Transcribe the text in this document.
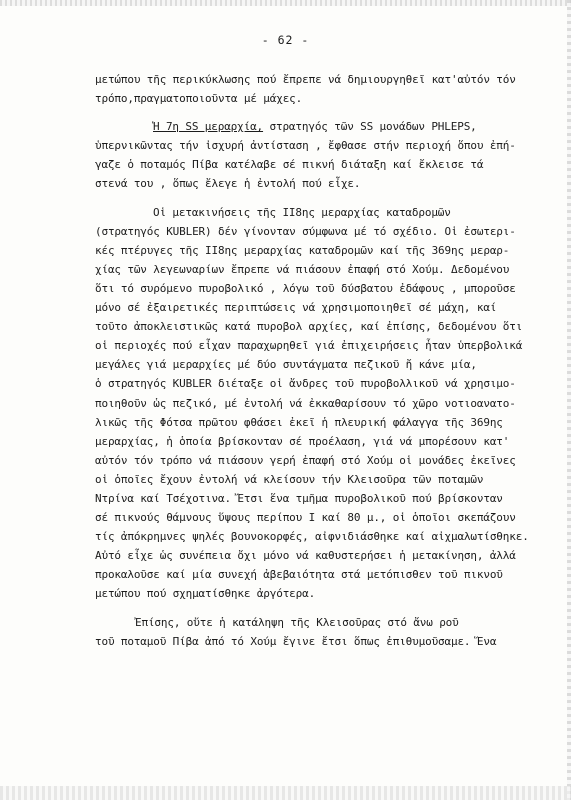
- 62 -
μετώπου τῆς περικύκλωσης πού ἔπρεπε νά δημιουργηθεῖ κατ'αὐτόν τόν
τρόπο,πραγματοποιοῦντα μέ μάχες.
Ἡ 7η SS μεραρχία, στρατηγός τῶν SS μονάδων PHLEPS,
ὑπερνικῶντας τήν ἰσχυρή ἀντίσταση , ἔφθασε στήν περιοχή ὅπου ἐπή-
γαζε ὁ ποταμός Πίβα κατέλαβε σέ πικνή διάταξη καί ἔκλεισε τά
στενά του , ὅπως ἔλεγε ἡ ἐντολή πού εἶχε.
Οἱ μετακινήσεις τῆς II8ης μεραρχίας καταδρομῶν
(στρατηγός KUBLER) δέν γίνονταν σύμφωνα μέ τό σχέδιο. Οἱ ἐσωτερι-
κές πτέρυγες τῆς II8ης μεραρχίας καταδρομῶν καί τῆς 369ης μεραρ-
χίας τῶν λεγεωναρίων ἔπρεπε νά πιάσουν ἐπαφή στό Χούμ. Δεδομένου
ὅτι τό συρόμενο πυροβολικό , λόγω τοῦ δύσβατου ἐδάφους , μποροῦσε
μόνο σέ ἐξαιρετικές περιπτώσεις νά χρησιμοποιηθεῖ σέ μάχη, καί
τοῦτο ἀποκλειστικῶς κατά πυροβολ αρχίες, καί ἐπίσης, δεδομένου ὅτι
οἱ περιοχές πού εἶχαν παραχωρηθεῖ γιά ἐπιχειρήσεις ἦταν ὑπερβολικά
μεγάλες γιά μεραρχίες μέ δύο συντάγματα πεζικοῦ ἤ κάνε μία,
ὁ στρατηγός KUBLER διέταξε οἱ ἄνδρες τοῦ πυροβολλικοῦ νά χρησιμο-
ποιηθοῦν ὡς πεζικό, μέ ἐντολή νά ἐκκαθαρίσουν τό χῶρο νοτιοανατο-
λικῶς τῆς Φότσα πρῶτου φθάσει ἐκεῖ ἡ πλευρική φάλαγγα τῆς 369ης
μεραρχίας, ἡ ὁποία βρίσκονταν σέ προέλαση, γιά νά μπορέσουν κατ'
αὐτόν τόν τρόπο νά πιάσουν γερή ἐπαφή στό Χούμ οἱ μονάδες ἐκεῖνες
οἱ ὁποῖες ἔχουν ἐντολή νά κλείσουν τήν Κλεισοῦρα τῶν ποταμῶν
Ντρίνα καί Τσέχοτινα. Ἔτσι ἕνα τμῆμα πυροβολικοῦ πού βρίσκονταν
σέ πικνούς θάμνους ὕψους περίπου I καί 80 μ., οἱ ὁποῖοι σκεπάζουν
τίς ἀπόκρημνες ψηλές βουνοκορφές, αἰφνιδιάσθηκε καί αἰχμαλωτίσθηκε.
Αὐτό εἶχε ὡς συνέπεια ὄχι μόνο νά καθυστερήσει ἡ μετακίνηση, ἀλλά
προκαλοῦσε καί μία συνεχή ἀβεβαιότητα στά μετόπισθεν τοῦ πικνοῦ
μετώπου πού σχηματίσθηκε ἀργότερα.
Ἐπίσης, οὔτε ἡ κατάληψη τῆς Κλεισοῦρας στό ἄνω ροῦ
τοῦ ποταμοῦ Πίβα ἀπό τό Χούμ ἔγινε ἔτσι ὅπως ἐπιθυμοῦσαμε. Ἕνα
